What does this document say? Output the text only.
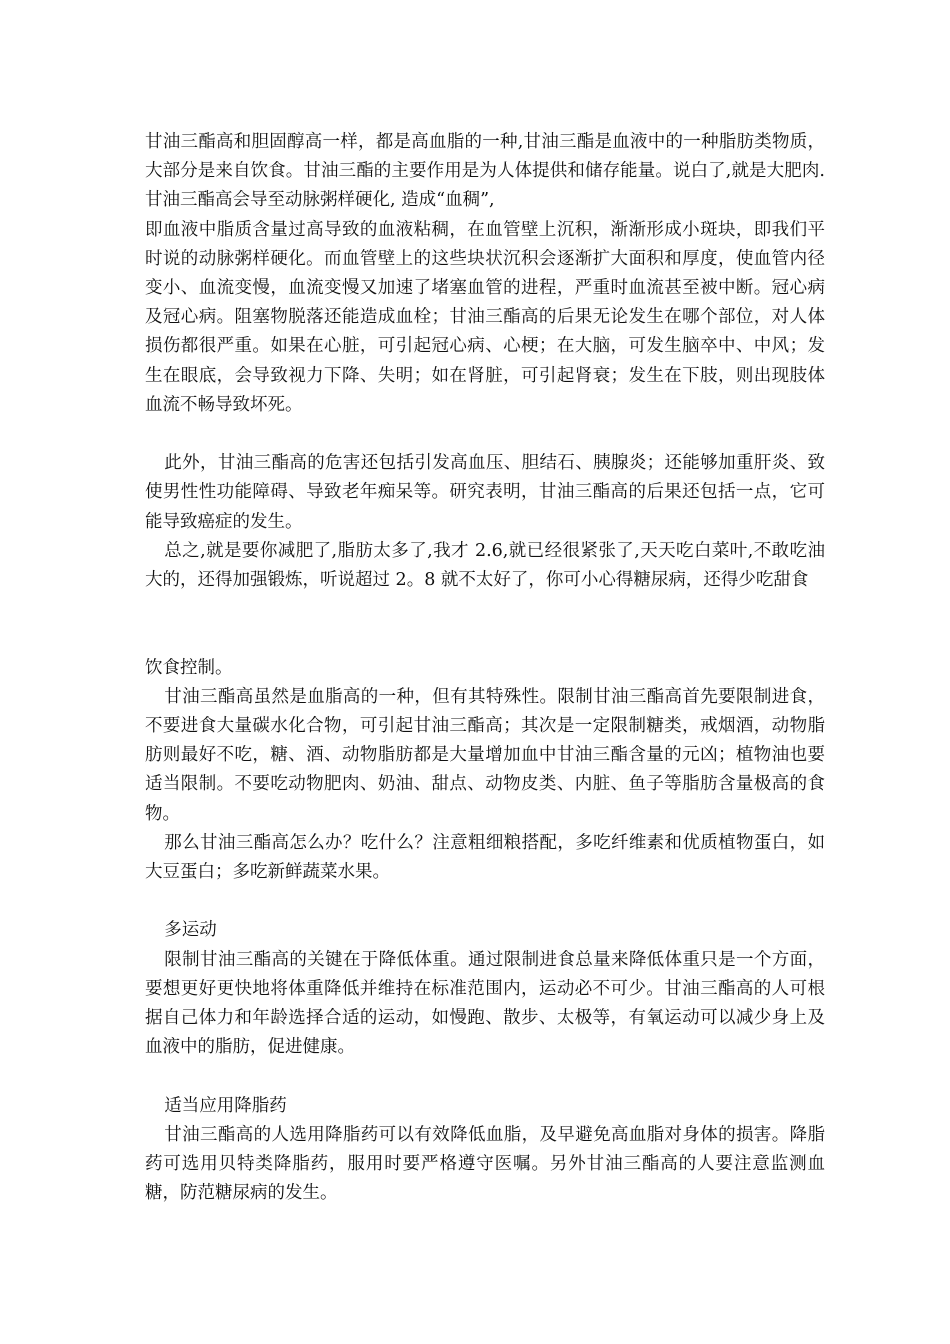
甘油三酯高和胆固醇高一样，都是高血脂的一种,甘油三酯是血液中的一种脂肪类物质，大部分是来自饮食。甘油三酯的主要作用是为人体提供和储存能量。说白了,就是大肥肉.甘油三酯高会导至动脉粥样硬化, 造成“血稠”,

即血液中脂质含量过高导致的血液粘稠，在血管壁上沉积，渐渐形成小斑块，即我们平时说的动脉粥样硬化。而血管壁上的这些块状沉积会逐渐扩大面积和厚度，使血管内径变小、血流变慢，血流变慢又加速了堵塞血管的进程，严重时血流甚至被中断。冠心病及冠心病。阻塞物脱落还能造成血栓；甘油三酯高的后果无论发生在哪个部位，对人体损伤都很严重。如果在心脏，可引起冠心病、心梗；在大脑，可发生脑卒中、中风；发生在眼底，会导致视力下降、失明；如在肾脏，可引起肾衰；发生在下肢，则出现肢体血流不畅导致坏死。

此外，甘油三酯高的危害还包括引发高血压、胆结石、胰腺炎；还能够加重肝炎、致使男性性功能障碍、导致老年痴呆等。研究表明，甘油三酯高的后果还包括一点，它可能导致癌症的发生。

总之,就是要你减肥了,脂肪太多了,我才 2.6,就已经很紧张了,天天吃白菜叶,不敢吃油大的，还得加强锻炼，听说超过 2。8 就不太好了，你可小心得糖尿病，还得少吃甜食

饮食控制。

甘油三酯高虽然是血脂高的一种，但有其特殊性。限制甘油三酯高首先要限制进食，不要进食大量碳水化合物，可引起甘油三酯高；其次是一定限制糖类，戒烟酒，动物脂肪则最好不吃，糖、酒、动物脂肪都是大量增加血中甘油三酯含量的元凶；植物油也要适当限制。不要吃动物肥肉、奶油、甜点、动物皮类、内脏、鱼子等脂肪含量极高的食物。

那么甘油三酯高怎么办？吃什么？注意粗细粮搭配，多吃纤维素和优质植物蛋白，如大豆蛋白；多吃新鲜蔬菜水果。

多运动

限制甘油三酯高的关键在于降低体重。通过限制进食总量来降低体重只是一个方面，要想更好更快地将体重降低并维持在标准范围内，运动必不可少。甘油三酯高的人可根据自己体力和年龄选择合适的运动，如慢跑、散步、太极等，有氧运动可以减少身上及血液中的脂肪，促进健康。

适当应用降脂药

甘油三酯高的人选用降脂药可以有效降低血脂，及早避免高血脂对身体的损害。降脂药可选用贝特类降脂药，服用时要严格遵守医嘱。另外甘油三酯高的人要注意监测血糖，防范糖尿病的发生。
